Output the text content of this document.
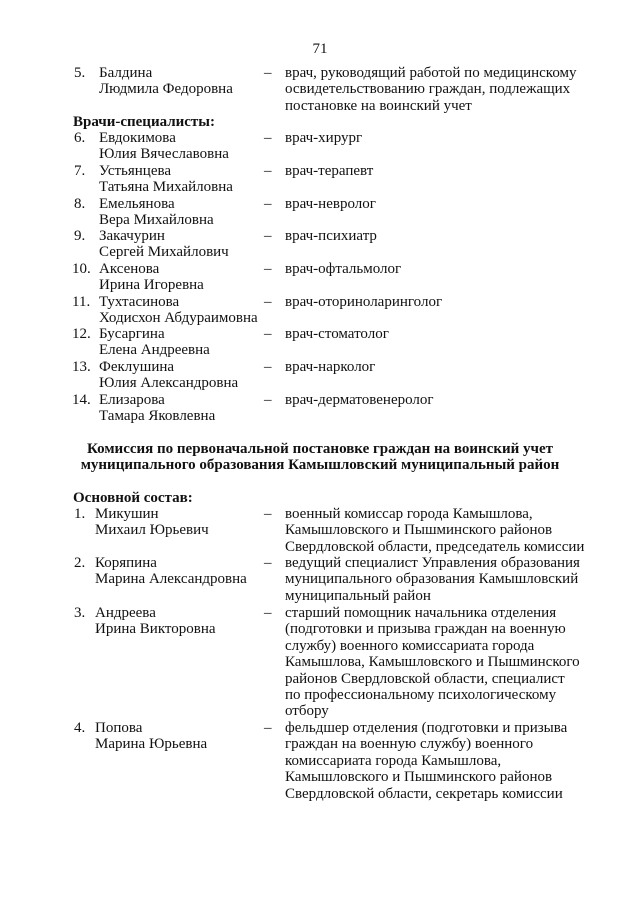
71
5. Балдина
Людмила Федоровна
– врач, руководящий работой по медицинскому
освидетельствованию граждан, подлежащих
постановке на воинский учет
Врачи-специалисты:
6. Евдокимова
Юлия Вячеславовна
– врач-хирург
7. Устьянцева
Татьяна Михайловна
– врач-терапевт
8. Емельянова
Вера Михайловна
– врач-невролог
9. Закачурин
Сергей Михайлович
– врач-психиатр
10. Аксенова
Ирина Игоревна
– врач-офтальмолог
11. Тухтасинова
Ходисхон Абдураимовна
– врач-оториноларинголог
12. Бусаргина
Елена Андреевна
– врач-стоматолог
13. Феклушина
Юлия Александровна
– врач-нарколог
14. Елизарова
Тамара Яковлевна
– врач-дерматовенеролог
Комиссия по первоначальной постановке граждан на воинский учет
муниципального образования Камышловский муниципальный район
Основной состав:
1. Микушин
Михаил Юрьевич
– военный комиссар города Камышлова,
Камышловского и Пышминского районов
Свердловской области, председатель комиссии
2. Коряпина
Марина Александровна
– ведущий специалист Управления образования
муниципального образования Камышловский
муниципальный район
3. Андреева
Ирина Викторовна
– старший помощник начальника отделения
(подготовки и призыва граждан на военную
службу) военного комиссариата города
Камышлова, Камышловского и Пышминского
районов Свердловской области, специалист
по профессиональному психологическому
отбору
4. Попова
Марина Юрьевна
– фельдшер отделения (подготовки и призыва
граждан на военную службу) военного
комиссариата города Камышлова,
Камышловского и Пышминского районов
Свердловской области, секретарь комиссии
